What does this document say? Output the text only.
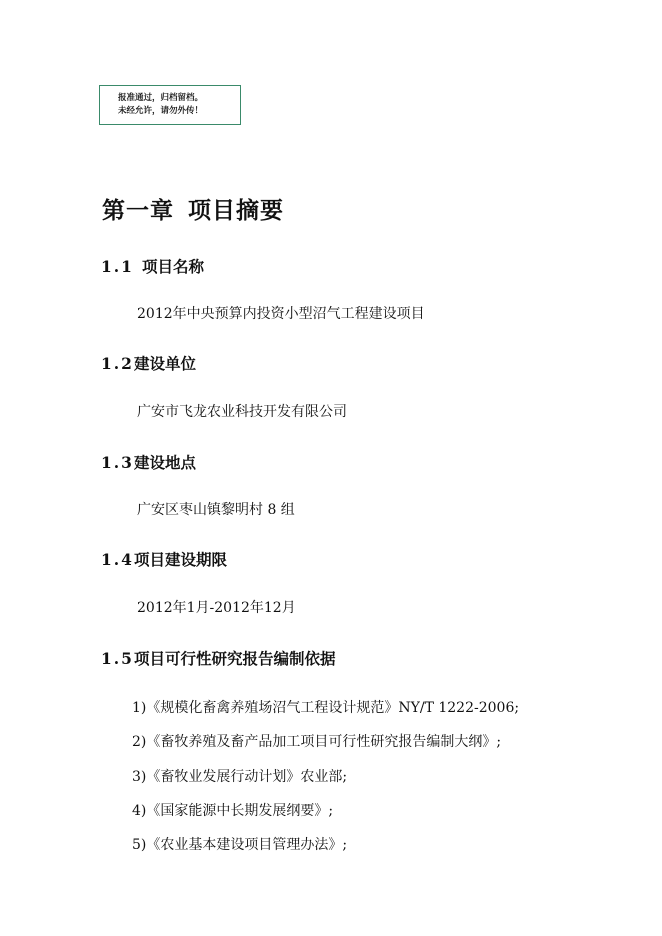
报准通过，归档留档。
未经允许，请勿外传！
第一章 项目摘要
1.1 项目名称
2012年中央预算内投资小型沼气工程建设项目
1.2建设单位
广安市飞龙农业科技开发有限公司
1.3建设地点
广安区枣山镇黎明村 8 组
1.4项目建设期限
2012年1月-2012年12月
1.5项目可行性研究报告编制依据
1)《规模化畜禽养殖场沼气工程设计规范》NY/T 1222-2006;
2)《畜牧养殖及畜产品加工项目可行性研究报告编制大纲》;
3)《畜牧业发展行动计划》农业部;
4)《国家能源中长期发展纲要》;
5)《农业基本建设项目管理办法》;
